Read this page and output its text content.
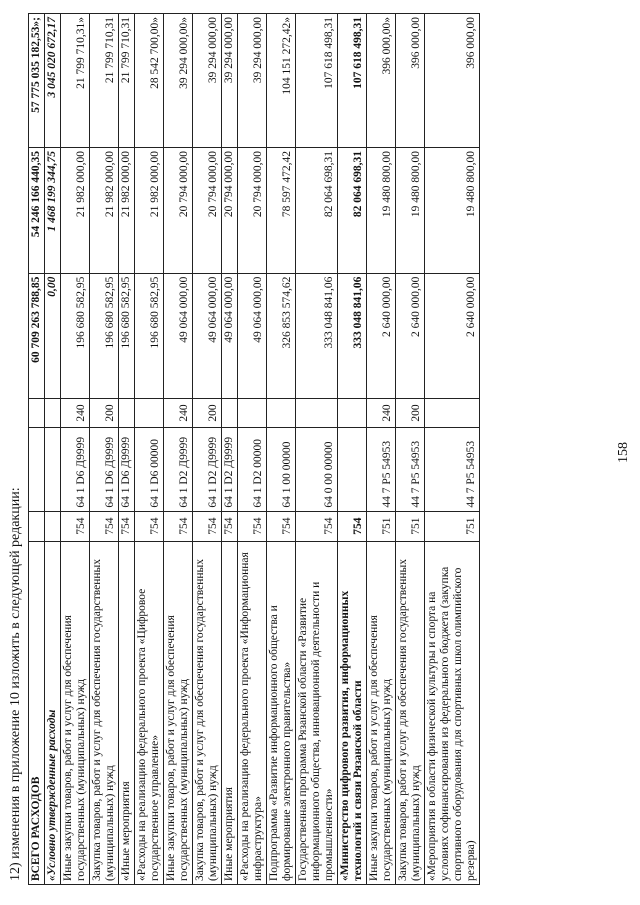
12) изменения в приложение 10 изложить в следующей редакции: ВСЕГО РАСХОДОВ				60 709 263 788,85	54 246 166 440,35	57 775 035 182,53»;
«Условно утвержденные расходы				0,00	1 468 199 344,75	3 045 020 672,17
Иные закупки товаров, работ и услуг для обеспечения государственных (муниципальных) нужд	754	64 1 D6 Д9999	240	196 680 582,95	21 982 000,00	21 799 710,31»
Закупка товаров, работ и услуг для обеспечения государственных (муниципальных) нужд	754	64 1 D6 Д9999	200	196 680 582,95	21 982 000,00	21 799 710,31
«Иные мероприятия	754	64 1 D6 Д9999		196 680 582,95	21 982 000,00	21 799 710,31
«Расходы на реализацию федерального проекта «Цифровое государственное управление»	754	64 1 D6 00000		196 680 582,95	21 982 000,00	28 542 700,00»
Иные закупки товаров, работ и услуг для обеспечения государственных (муниципальных) нужд	754	64 1 D2 Д9999	240	49 064 000,00	20 794 000,00	39 294 000,00»
Закупка товаров, работ и услуг для обеспечения государственных (муниципальных) нужд	754	64 1 D2 Д9999	200	49 064 000,00	20 794 000,00	39 294 000,00
Иные мероприятия	754	64 1 D2 Д9999		49 064 000,00	20 794 000,00	39 294 000,00
«Расходы на реализацию федерального проекта «Информационная инфраструктура»	754	64 1 D2 00000		49 064 000,00	20 794 000,00	39 294 000,00
Подпрограмма «Развитие информационного общества и формирование электронного правительства»	754	64 1 00 00000		326 853 574,62	78 597 472,42	104 151 272,42»
Государственная программа Рязанской области «Развитие информационного общества, инновационной деятельности и промышленности»	754	64 0 00 00000		333 048 841,06	82 064 698,31	107 618 498,31
«Министерство цифрового развития, информационных технологий и связи Рязанской области	754			333 048 841,06	82 064 698,31	107 618 498,31
Иные закупки товаров, работ и услуг для обеспечения государственных (муниципальных) нужд	751	44 7 P5 54953	240	2 640 000,00	19 480 800,00	396 000,00»
Закупка товаров, работ и услуг для обеспечения государственных (муниципальных) нужд	751	44 7 P5 54953	200	2 640 000,00	19 480 800,00	396 000,00
«Мероприятия в области физической культуры и спорта на условиях софинансирования из федерального бюджета (закупка спортивного оборудования для спортивных школ олимпийского резерва)	751	44 7 P5 54953		2 640 000,00	19 480 800,00	396 000,00
158
